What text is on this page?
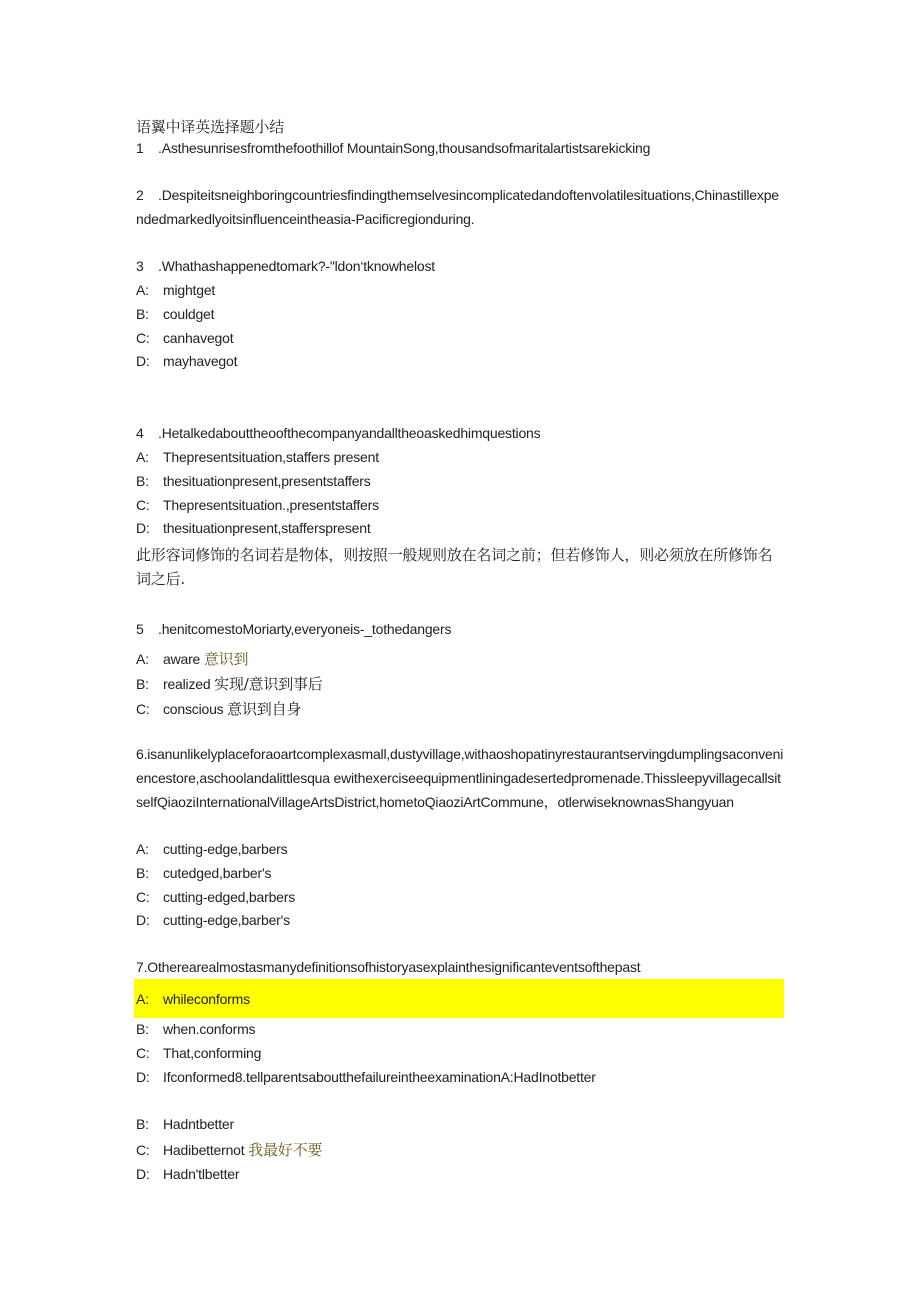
语翼中译英选择题小结
1 .Asthesunrisesfromthefoothillof MountainSong,thousandsofmaritalartistsarekicking
2 .Despiteitsneighboringcountriesfindingthemselvesincomplicatedandoftenvolatilesituations,Chinastillexpendedmarkedlyoitsinfluenceintheasia-Pacificregionduring.
3 .Whathashappenedtomark?-"ldon‘tknowhelost
A: mightget
B: couldget
C: canhavegot
D: mayhavegot
4 .Hetalkedabouttheoofthecompanyandalltheoaskedhimquestions
A: Thepresentsituation,staffers present
B: thesituationpresent,presentstaffers
C: Thepresentsituation.,presentstaffers
D: thesituationpresent,stafferspresent
此形容词修饰的名词若是物体，则按照一般规则放在名词之前；但若修饰人，则必须放在所修饰名词之后.
5 .henitcomestoMoriarty,everyoneis-_tothedangers
A: aware 意识到
B: realized 实现/意识到事后
C: conscious 意识到自身
6.isanunlikelyplaceforaoartcomplexasmall,dustyvillage,withaoshopatinyrestaurantservingdumplingsaconveniencestore,aschoolandalittlesqua ewithexerciseequipmentliningadesertedpromenade.ThissleepyvillagecallsitselfQiaoziInternationalVillageArtsDistrict,hometoQiaoziArtCommune，otlerwiseknownasShangyuan
A: cutting-edge,barbers
B: cutedged,barber's
C: cutting-edged,barbers
D: cutting-edge,barber's
7.Otherearealmostasmanydefinitionsofhistoryasexplainthesignificanteventsofthepast
A: whileconforms
B: when.conforms
C: That,conforming
D: Ifconformed8.tellparentsaboutthefailureintheexaminationA:HadInotbetter
B: Hadntbetter
C: Hadibetternot 我最好不要
D: Hadn'tlbetter
